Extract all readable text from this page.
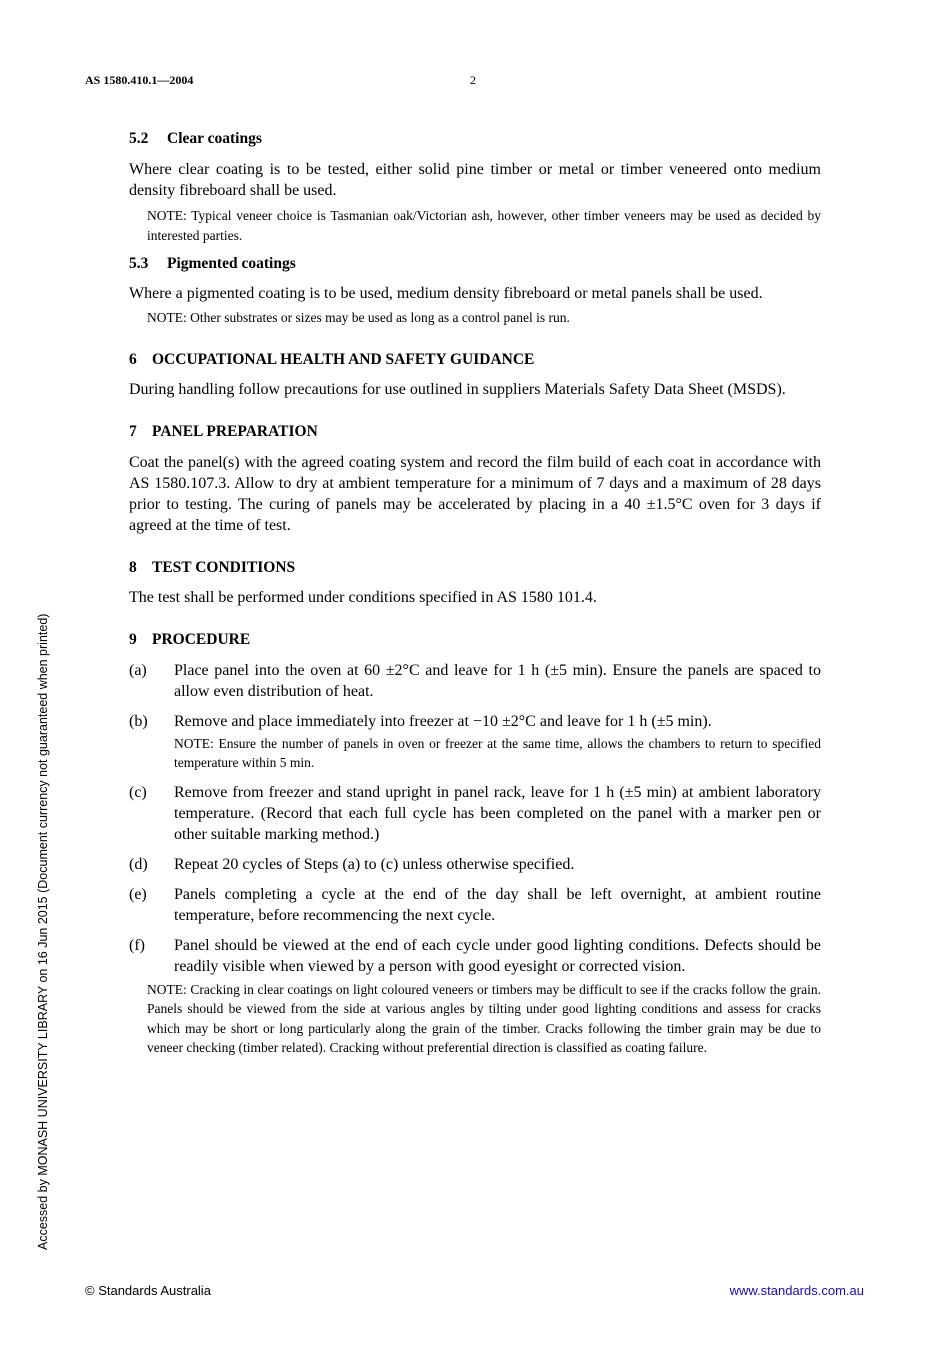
AS 1580.410.1—2004	2
5.2 Clear coatings

Where clear coating is to be tested, either solid pine timber or metal or timber veneered onto medium density fibreboard shall be used.

NOTE: Typical veneer choice is Tasmanian oak/Victorian ash, however, other timber veneers may be used as decided by interested parties.

5.3 Pigmented coatings

Where a pigmented coating is to be used, medium density fibreboard or metal panels shall be used.

NOTE: Other substrates or sizes may be used as long as a control panel is run.

6 OCCUPATIONAL HEALTH AND SAFETY GUIDANCE

During handling follow precautions for use outlined in suppliers Materials Safety Data Sheet (MSDS).

7 PANEL PREPARATION

Coat the panel(s) with the agreed coating system and record the film build of each coat in accordance with AS 1580.107.3. Allow to dry at ambient temperature for a minimum of 7 days and a maximum of 28 days prior to testing. The curing of panels may be accelerated by placing in a 40 ±1.5°C oven for 3 days if agreed at the time of test.

8 TEST CONDITIONS

The test shall be performed under conditions specified in AS 1580 101.4.

9 PROCEDURE
(a)	Place panel into the oven at 60 ±2°C and leave for 1 h (±5 min). Ensure the panels are spaced to allow even distribution of heat.
(b)	Remove and place immediately into freezer at −10 ±2°C and leave for 1 h (±5 min).

NOTE: Ensure the number of panels in oven or freezer at the same time, allows the chambers to return to specified temperature within 5 min.

(c)	Remove from freezer and stand upright in panel rack, leave for 1 h (±5 min) at ambient laboratory temperature. (Record that each full cycle has been completed on the panel with a marker pen or other suitable marking method.)
(d)	Repeat 20 cycles of Steps (a) to (c) unless otherwise specified.
(e)	Panels completing a cycle at the end of the day shall be left overnight, at ambient routine temperature, before recommencing the next cycle.
(f)	Panel should be viewed at the end of each cycle under good lighting conditions. Defects should be readily visible when viewed by a person with good eyesight or corrected vision.

NOTE: Cracking in clear coatings on light coloured veneers or timbers may be difficult to see if the cracks follow the grain. Panels should be viewed from the side at various angles by tilting under good lighting conditions and assess for cracks which may be short or long particularly along the grain of the timber. Cracks following the timber grain may be due to veneer checking (timber related). Cracking without preferential direction is classified as coating failure.

Accessed by MONASH UNIVERSITY LIBRARY on 16 Jun 2015 (Document currency not guaranteed when printed)
© Standards Australia	www.standards.com.au
